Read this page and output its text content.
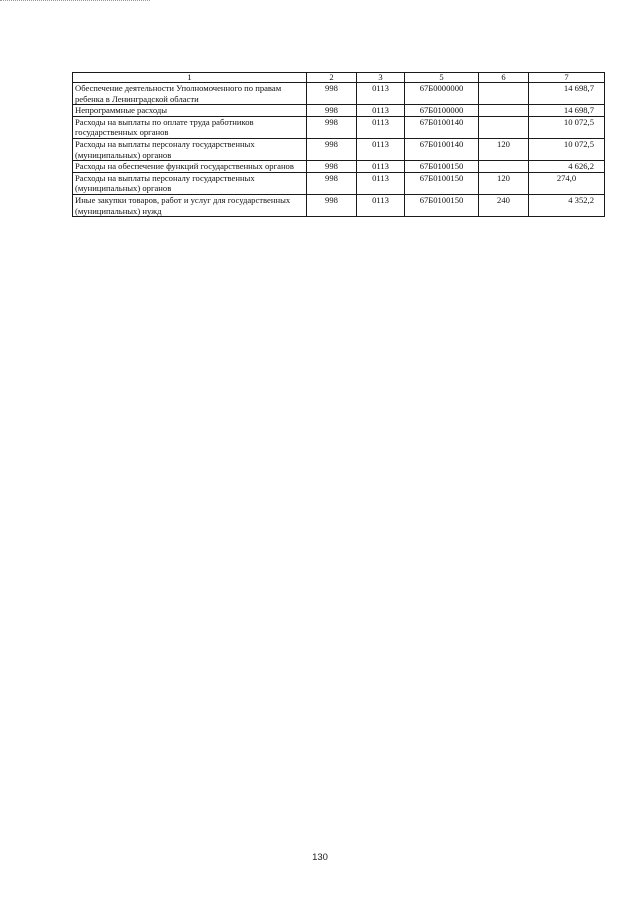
1	2	3	5	6	7
Обеспечение деятельности Уполномоченного по правам ребенка в Ленинградской области	998	0113	67Б0000000		14 698,7
Непрограммные расходы	998	0113	67Б0100000		14 698,7
Расходы на выплаты по оплате труда работников государственных органов	998	0113	67Б0100140		10 072,5
Расходы на выплаты персоналу государственных (муниципальных) органов	998	0113	67Б0100140	120	10 072,5
Расходы на обеспечение функций государственных органов	998	0113	67Б0100150		4 626,2
Расходы на выплаты персоналу государственных (муниципальных) органов	998	0113	67Б0100150	120	274,0
Иные закупки товаров, работ и услуг для государственных (муниципальных) нужд	998	0113	67Б0100150	240	4 352,2
130
